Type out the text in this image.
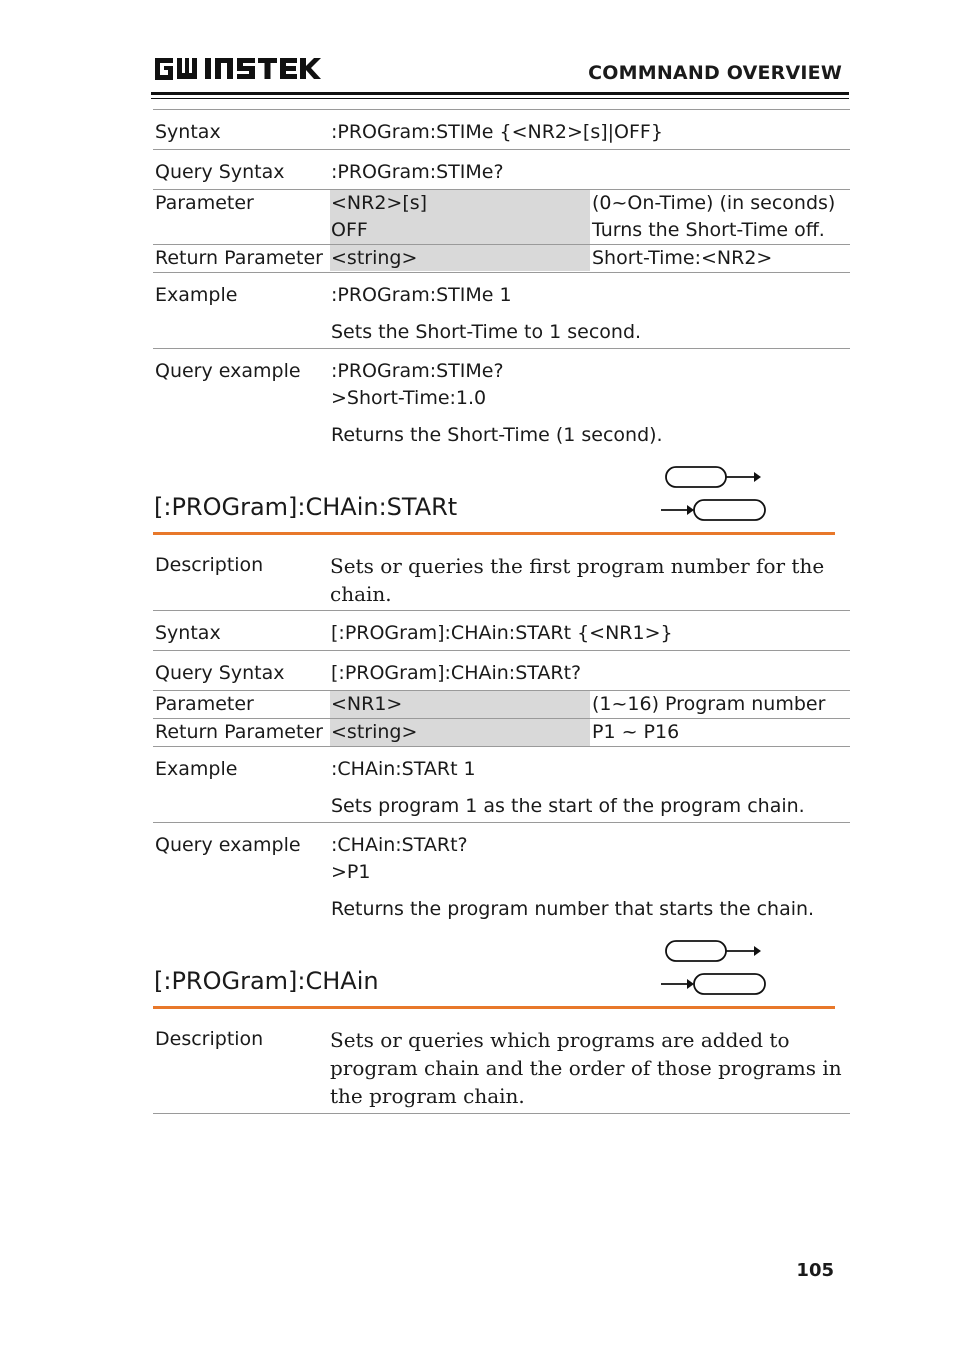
COMMNAND OVERVIEW
Syntax	:PROGram:STIMe {<NR2>[s]|OFF}
Query Syntax :PROGram:STIMe?
Parameter	<NR2>[s]	(0~On-Time) (in seconds)
OFF	Turns the Short-Time off.
Return Parameter <string>	Short-Time:<NR2>
Example	:PROGram:STIMe 1
Sets the Short-Time to 1 second.
Query example :PROGram:STIMe?
>Short-Time:1.0
Returns the Short-Time (1 second).
[:PROGram]:CHAin:STARt
Description	Sets or queries the first program number for the
chain.
Syntax	[:PROGram]:CHAin:STARt {<NR1>}
Query Syntax [:PROGram]:CHAin:STARt?
Parameter	<NR1>	(1~16) Program number
Return Parameter <string>	P1 ~ P16
Example	:CHAin:STARt 1
Sets program 1 as the start of the program chain.
Query example :CHAin:STARt?
>P1
Returns the program number that starts the chain.
[:PROGram]:CHAin
Description	Sets or queries which programs are added to
program chain and the order of those programs in
the program chain.
105
